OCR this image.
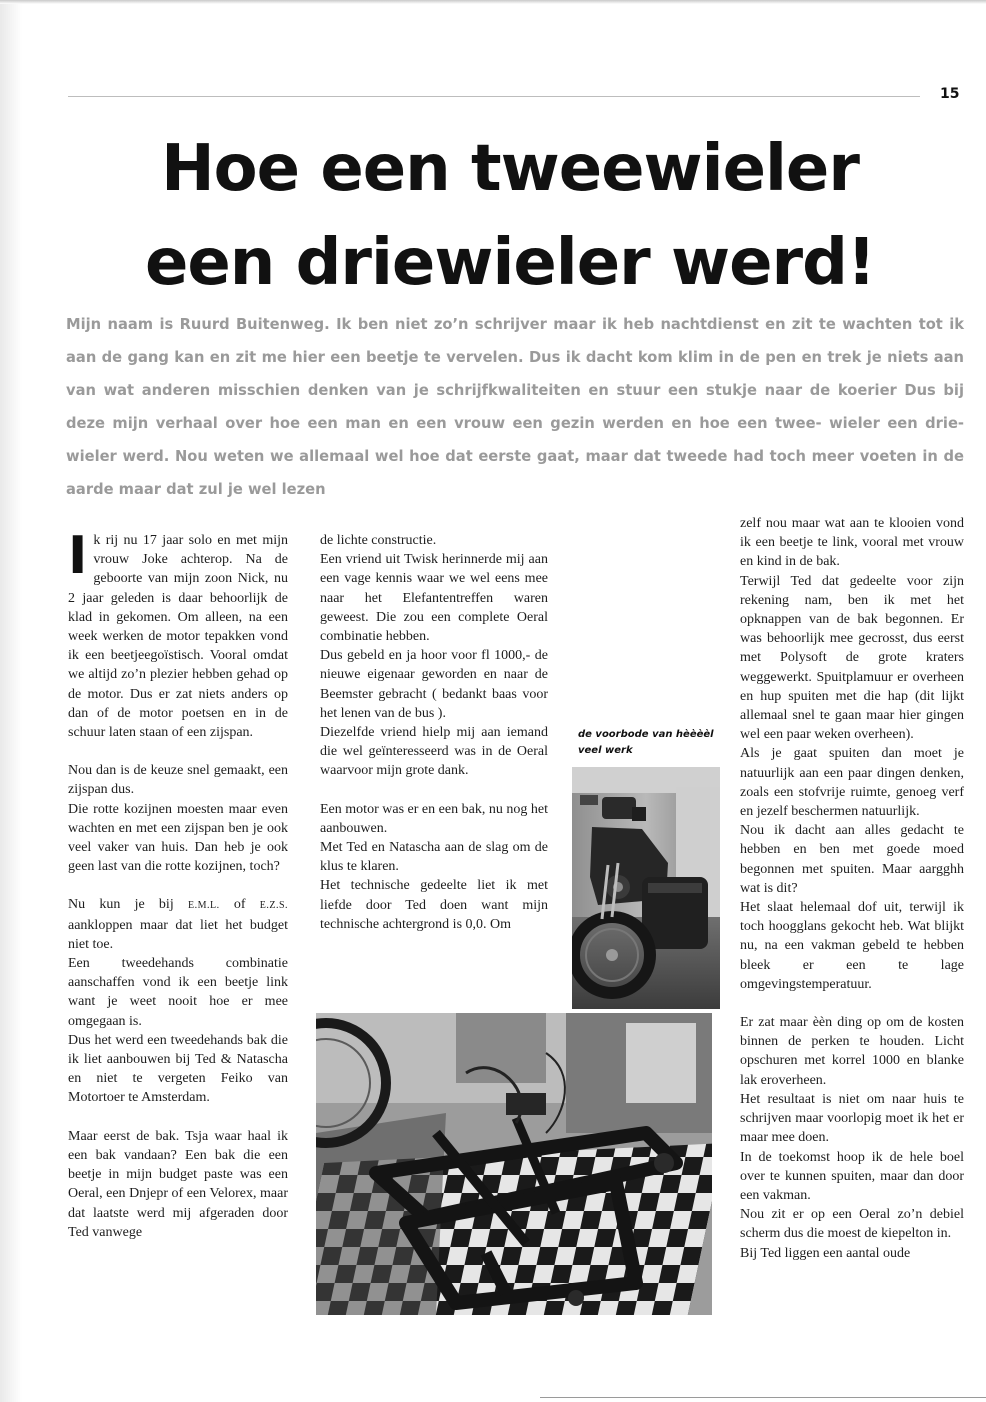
15
Hoe een tweewieler
een driewieler werd!
Mijn naam is Ruurd Buitenweg. Ik ben niet zo’n schrijver maar ik heb nachtdienst en zit te wachten tot ik aan de gang kan en zit me hier een beetje te vervelen. Dus ik dacht kom klim in de pen en trek je niets aan van wat anderen misschien denken van je schrijfkwaliteiten en stuur een stukje naar de koerier Dus bij deze mijn verhaal over hoe een man en een vrouw een gezin werden en hoe een twee- wieler een drie-wieler werd. Nou weten we allemaal wel hoe dat eerste gaat, maar dat tweede had toch meer voeten in de aarde maar dat zul je wel lezen

Ik rij nu 17 jaar solo en met mijn vrouw Joke achterop. Na de geboorte van mijn zoon Nick, nu 2 jaar geleden is daar behoorlijk de klad in gekomen. Om alleen, na een week werken de motor tepakken vond ik een beetjeegoïstisch. Vooral omdat we altijd zo’n plezier hebben gehad op de motor. Dus er zat niets anders op dan of de motor poetsen en in de schuur laten staan of een zijspan.

Nou dan is de keuze snel gemaakt, een zijspan dus.

Die rotte kozijnen moesten maar even wachten en met een zijspan ben je ook veel vaker van huis. Dan heb je ook geen last van die rotte kozijnen, toch?

Nu kun je bij E.M.L. of E.Z.S. aankloppen maar dat liet het budget niet toe.

Een tweedehands combinatie aanschaffen vond ik een beetje link want je weet nooit hoe er mee omgegaan is.

Dus het werd een tweedehands bak die ik liet aanbouwen bij Ted & Natascha en niet te vergeten Feiko van Motortoer te Amsterdam.

Maar eerst de bak. Tsja waar haal ik een bak vandaan? Een bak die een beetje in mijn budget paste was een Oeral, een Dnjepr of een Velorex, maar dat laatste werd mij afgeraden door Ted vanwege

de lichte constructie.

Een vriend uit Twisk herinnerde mij aan een vage kennis waar we wel eens mee naar het Elefantentreffen waren geweest. Die zou een complete Oeral combinatie hebben.

Dus gebeld en ja hoor voor fl 1000,- de nieuwe eigenaar geworden en naar de Beemster gebracht ( bedankt baas voor het lenen van de bus ).

Diezelfde vriend hielp mij aan iemand die wel geïnteresseerd was in de Oeral waarvoor mijn grote dank.

Een motor was er en een bak, nu nog het aanbouwen.

Met Ted en Natascha aan de slag om de klus te klaren.

Het technische gedeelte liet ik met liefde door Ted doen want mijn technische achtergrond is 0,0. Om

de voorbode van hèèèèl
veel werk

zelf nou maar wat aan te klooien vond ik een beetje te link, vooral met vrouw en kind in de bak.

Terwijl Ted dat gedeelte voor zijn rekening nam, ben ik met het opknappen van de bak begonnen. Er was behoorlijk mee gecrosst, dus eerst met Polysoft de grote kraters weggewerkt. Spuitplamuur er overheen en hup spuiten met die hap (dit lijkt allemaal snel te gaan maar hier gingen wel een paar weken overheen).

Als je gaat spuiten dan moet je natuurlijk aan een paar dingen denken, zoals een stofvrije ruimte, genoeg verf en jezelf beschermen natuurlijk.

Nou ik dacht aan alles gedacht te hebben en ben met goede moed begonnen met spuiten. Maar aargghh wat is dit?

Het slaat helemaal dof uit, terwijl ik toch hoogglans gekocht heb. Wat blijkt nu, na een vakman gebeld te hebben bleek er een te lage omgevingstemperatuur.

Er zat maar èèn ding op om de kosten binnen de perken te houden. Licht opschuren met korrel 1000 en blanke lak eroverheen.

Het resultaat is niet om naar huis te schrijven maar voorlopig moet ik het er maar mee doen.

In de toekomst hoop ik de hele boel over te kunnen spuiten, maar dan door een vakman.

Nou zit er op een Oeral zo’n debiel scherm dus die moest de kiepelton in.

Bij Ted liggen een aantal oude
